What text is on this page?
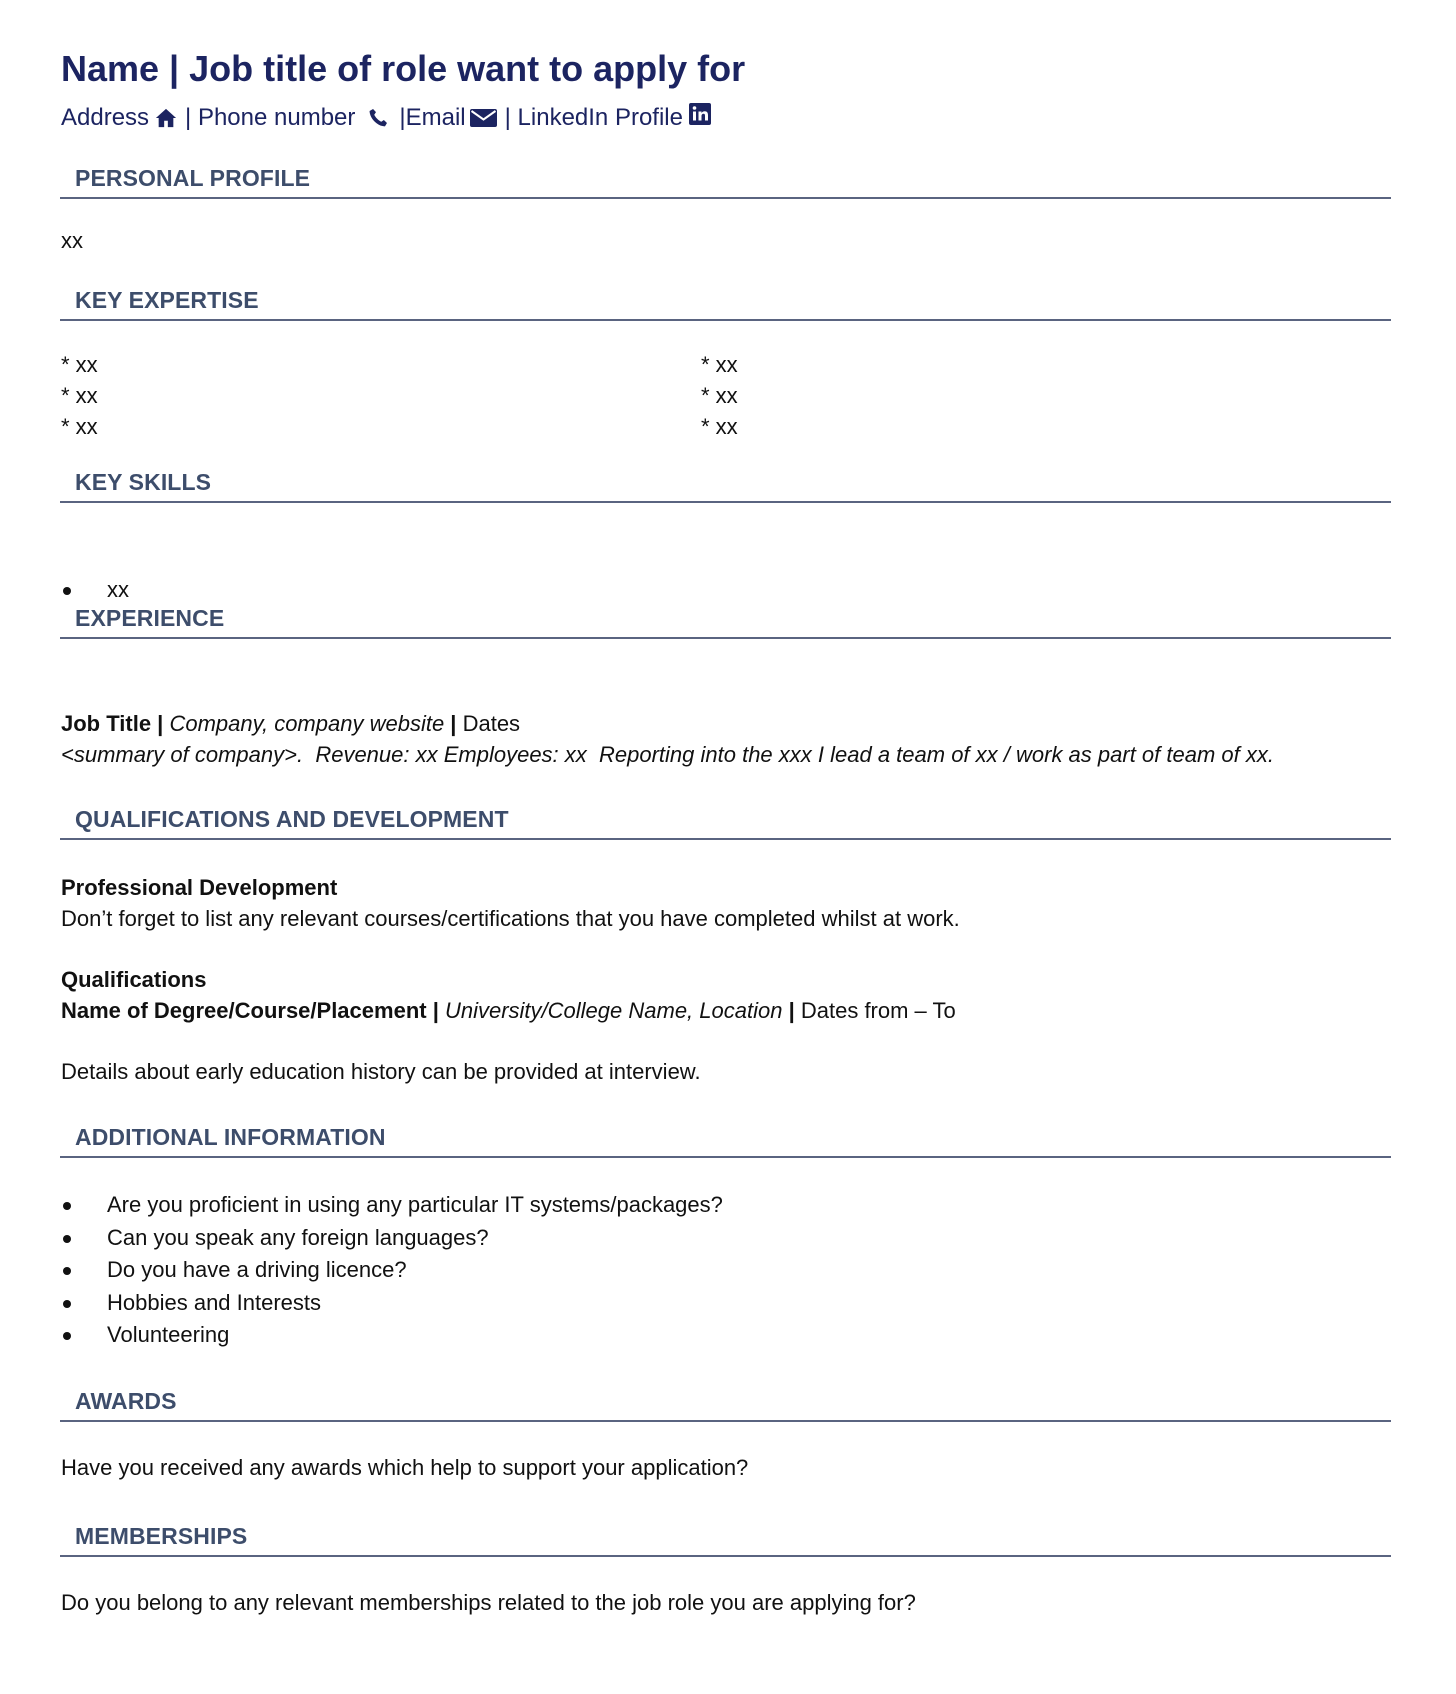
Name | Job title of role want to apply for
Address | Phone number |Email | LinkedIn Profile
PERSONAL PROFILE
xx
KEY EXPERTISE
* xx
* xx
* xx
* xx
* xx
* xx
KEY SKILLS
xx
EXPERIENCE
Job Title | Company, company website | Dates
<summary of company>.  Revenue: xx Employees: xx  Reporting into the xxx I lead a team of xx / work as part of team of xx.
QUALIFICATIONS AND DEVELOPMENT
Professional Development
Don’t forget to list any relevant courses/certifications that you have completed whilst at work.
Qualifications
Name of Degree/Course/Placement | University/College Name, Location | Dates from – To
Details about early education history can be provided at interview.
ADDITIONAL INFORMATION
Are you proficient in using any particular IT systems/packages?
Can you speak any foreign languages?
Do you have a driving licence?
Hobbies and Interests
Volunteering
AWARDS
Have you received any awards which help to support your application?
MEMBERSHIPS
Do you belong to any relevant memberships related to the job role you are applying for?
